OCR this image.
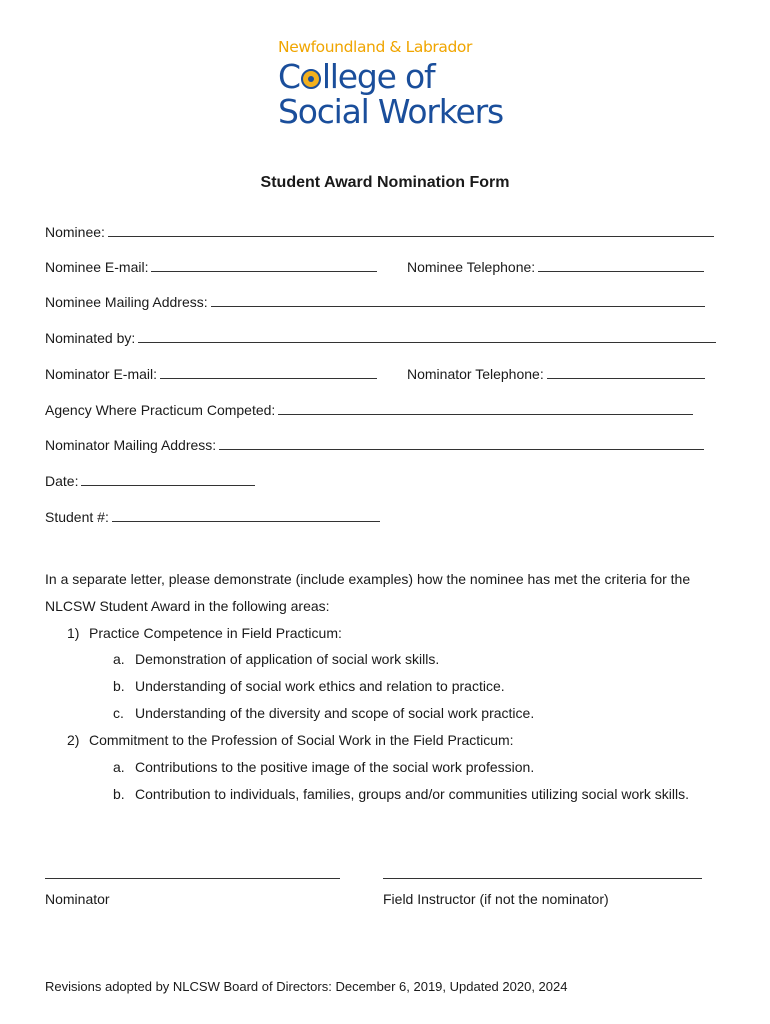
Newfoundland & Labrador
C llege of
Social Workers
Student Award Nomination Form
Nominee:
Nominee E-mail:	Nominee Telephone:
Nominee Mailing Address:
Nominated by:
Nominator E-mail:	Nominator Telephone:
Agency Where Practicum Competed:
Nominator Mailing Address:
Date:
Student #:
In a separate letter, please demonstrate (include examples) how the nominee has met the criteria for the NLCSW Student Award in the following areas:
1) Practice Competence in Field Practicum:
a. Demonstration of application of social work skills.
b. Understanding of social work ethics and relation to practice.
c. Understanding of the diversity and scope of social work practice.
2) Commitment to the Profession of Social Work in the Field Practicum:
a. Contributions to the positive image of the social work profession.
b. Contribution to individuals, families, groups and/or communities utilizing social work skills.
Nominator	Field Instructor (if not the nominator)
Revisions adopted by NLCSW Board of Directors: December 6, 2019, Updated 2020, 2024
